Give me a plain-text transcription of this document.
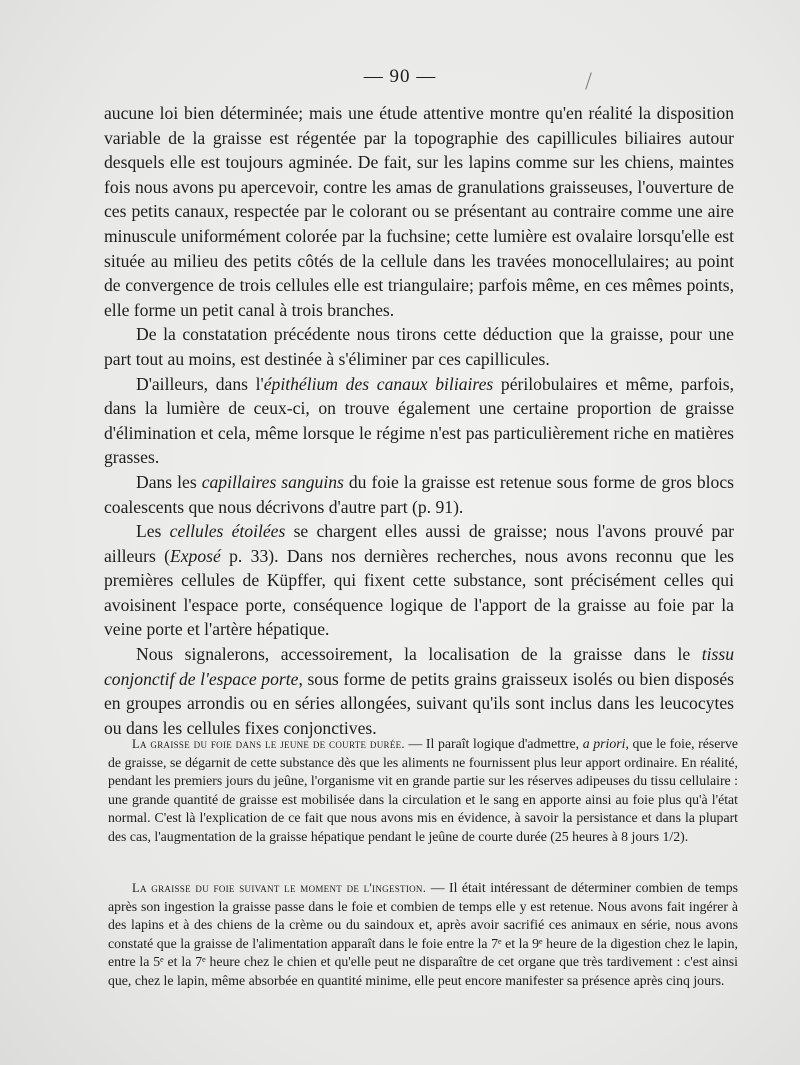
— 90 —

aucune loi bien déterminée; mais une étude attentive montre qu'en réalité la disposition variable de la graisse est régentée par la topographie des capillicules biliaires autour desquels elle est toujours agminée. De fait, sur les lapins comme sur les chiens, maintes fois nous avons pu apercevoir, contre les amas de granulations graisseuses, l'ouverture de ces petits canaux, respectée par le colorant ou se présentant au contraire comme une aire minuscule uniformément colorée par la fuchsine; cette lumière est ovalaire lorsqu'elle est située au milieu des petits côtés de la cellule dans les travées monocellulaires; au point de convergence de trois cellules elle est triangulaire; parfois même, en ces mêmes points, elle forme un petit canal à trois branches.

De la constatation précédente nous tirons cette déduction que la graisse, pour une part tout au moins, est destinée à s'éliminer par ces capillicules.

D'ailleurs, dans l'épithélium des canaux biliaires périlobulaires et même, parfois, dans la lumière de ceux-ci, on trouve également une certaine proportion de graisse d'élimination et cela, même lorsque le régime n'est pas particulièrement riche en matières grasses.

Dans les capillaires sanguins du foie la graisse est retenue sous forme de gros blocs coalescents que nous décrivons d'autre part (p. 91).

Les cellules étoilées se chargent elles aussi de graisse; nous l'avons prouvé par ailleurs (Exposé p. 33). Dans nos dernières recherches, nous avons reconnu que les premières cellules de Küpffer, qui fixent cette substance, sont précisément celles qui avoisinent l'espace porte, conséquence logique de l'apport de la graisse au foie par la veine porte et l'artère hépatique.

Nous signalerons, accessoirement, la localisation de la graisse dans le tissu conjonctif de l'espace porte, sous forme de petits grains graisseux isolés ou bien disposés en groupes arrondis ou en séries allongées, suivant qu'ils sont inclus dans les leucocytes ou dans les cellules fixes conjonctives.

La graisse du foie dans le jeune de courte durée. — Il paraît logique d'admettre, a priori, que le foie, réserve de graisse, se dégarnit de cette substance dès que les aliments ne fournissent plus leur apport ordinaire. En réalité, pendant les premiers jours du jeûne, l'organisme vit en grande partie sur les réserves adipeuses du tissu cellulaire : une grande quantité de graisse est mobilisée dans la circulation et le sang en apporte ainsi au foie plus qu'à l'état normal. C'est là l'explication de ce fait que nous avons mis en évidence, à savoir la persistance et dans la plupart des cas, l'augmentation de la graisse hépatique pendant le jeûne de courte durée (25 heures à 8 jours 1/2).

La graisse du foie suivant le moment de l'ingestion. — Il était intéressant de déterminer combien de temps après son ingestion la graisse passe dans le foie et combien de temps elle y est retenue. Nous avons fait ingérer à des lapins et à des chiens de la crème ou du saindoux et, après avoir sacrifié ces animaux en série, nous avons constaté que la graisse de l'alimentation apparaît dans le foie entre la 7ᵉ et la 9ᵉ heure de la digestion chez le lapin, entre la 5ᵉ et la 7ᵉ heure chez le chien et qu'elle peut ne disparaître de cet organe que très tardivement : c'est ainsi que, chez le lapin, même absorbée en quantité minime, elle peut encore manifester sa présence après cinq jours.
